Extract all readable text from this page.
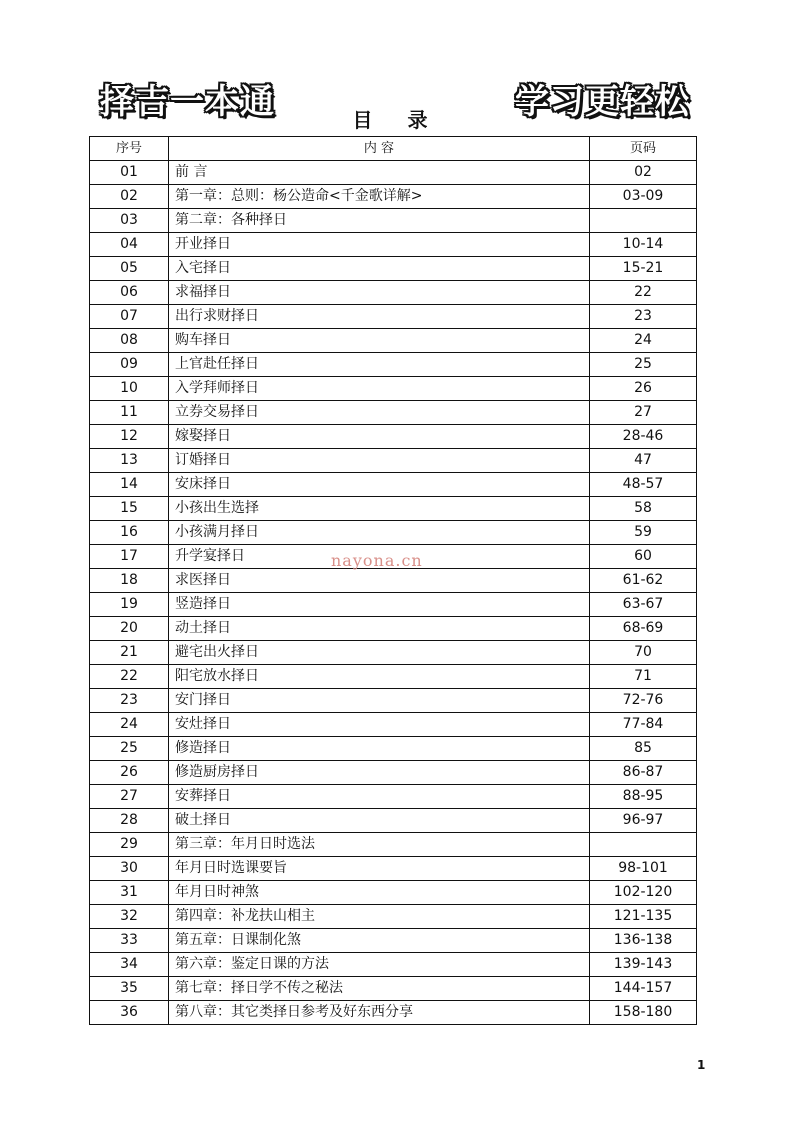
择吉一本通	学习更轻松
目 录
序号	内 容	页码
01	前 言	02
02	第一章：总则：杨公造命<千金歌详解>	03-09
03	第二章：各种择日	
04	开业择日	10-14
05	入宅择日	15-21
06	求福择日	22
07	出行求财择日	23
08	购车择日	24
09	上官赴任择日	25
10	入学拜师择日	26
11	立券交易择日	27
12	嫁娶择日	28-46
13	订婚择日	47
14	安床择日	48-57
15	小孩出生选择	58
16	小孩满月择日	59
17	升学宴择日	60
18	求医择日	61-62
19	竖造择日	63-67
20	动土择日	68-69
21	避宅出火择日	70
22	阳宅放水择日	71
23	安门择日	72-76
24	安灶择日	77-84
25	修造择日	85
26	修造厨房择日	86-87
27	安葬择日	88-95
28	破土择日	96-97
29	第三章：年月日时选法	
30	年月日时选课要旨	98-101
31	年月日时神煞	102-120
32	第四章：补龙扶山相主	121-135
33	第五章：日课制化煞	136-138
34	第六章：鉴定日课的方法	139-143
35	第七章：择日学不传之秘法	144-157
36	第八章：其它类择日参考及好东西分享	158-180
nayona.cn
1
